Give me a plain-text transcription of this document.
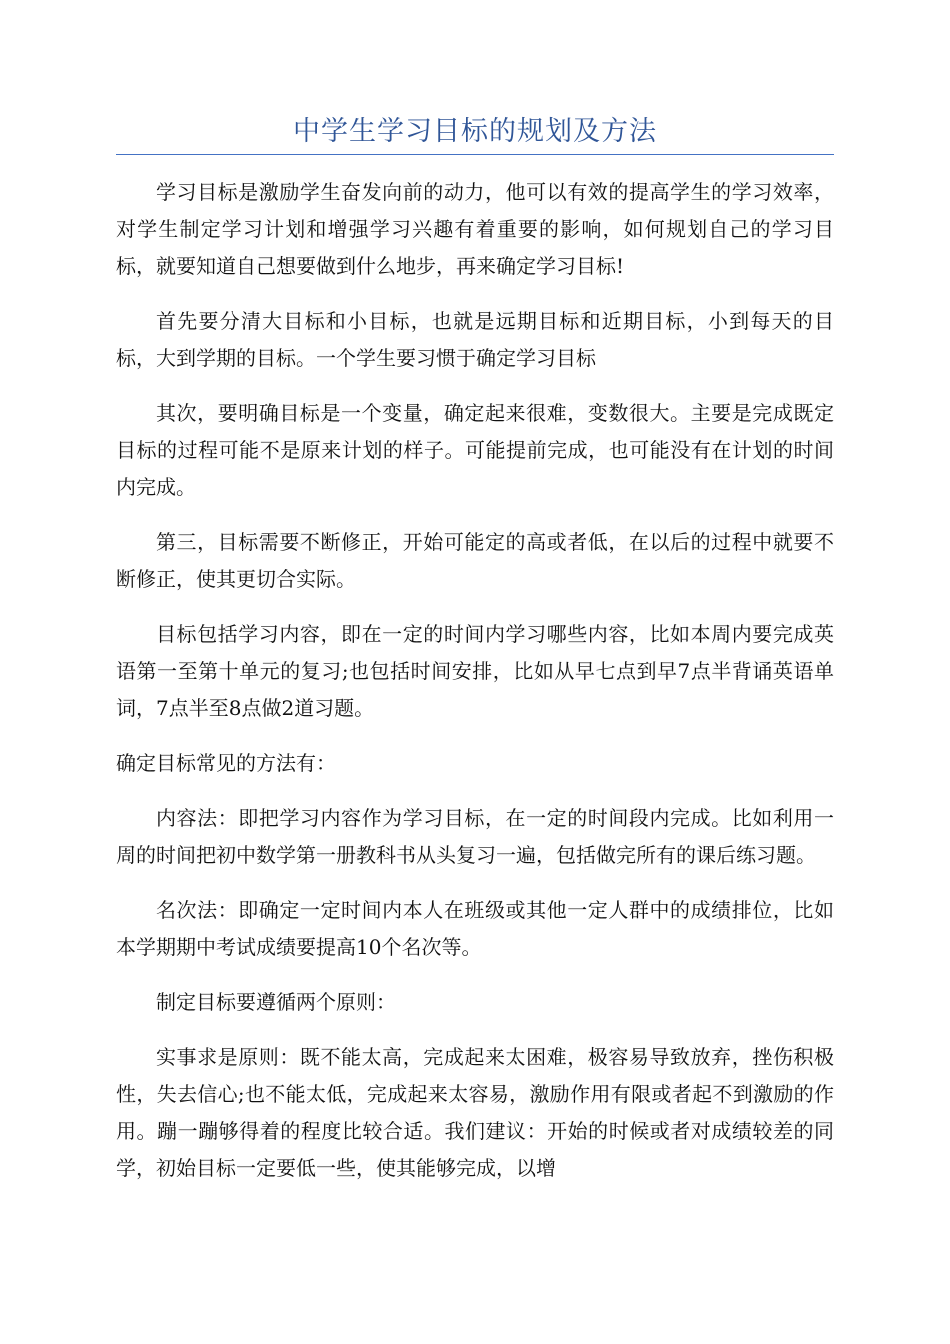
中学生学习目标的规划及方法

学习目标是激励学生奋发向前的动力，他可以有效的提高学生的学习效率，对学生制定学习计划和增强学习兴趣有着重要的影响，如何规划自己的学习目标，就要知道自己想要做到什么地步，再来确定学习目标!

首先要分清大目标和小目标，也就是远期目标和近期目标，小到每天的目标，大到学期的目标。一个学生要习惯于确定学习目标

其次，要明确目标是一个变量，确定起来很难，变数很大。主要是完成既定目标的过程可能不是原来计划的样子。可能提前完成，也可能没有在计划的时间内完成。

第三，目标需要不断修正，开始可能定的高或者低，在以后的过程中就要不断修正，使其更切合实际。

目标包括学习内容，即在一定的时间内学习哪些内容，比如本周内要完成英语第一至第十单元的复习;也包括时间安排，比如从早七点到早7点半背诵英语单词，7点半至8点做2道习题。

确定目标常见的方法有：

内容法：即把学习内容作为学习目标，在一定的时间段内完成。比如利用一周的时间把初中数学第一册教科书从头复习一遍，包括做完所有的课后练习题。

名次法：即确定一定时间内本人在班级或其他一定人群中的成绩排位，比如本学期期中考试成绩要提高10个名次等。

制定目标要遵循两个原则：

实事求是原则：既不能太高，完成起来太困难，极容易导致放弃，挫伤积极性，失去信心;也不能太低，完成起来太容易，激励作用有限或者起不到激励的作用。蹦一蹦够得着的程度比较合适。我们建议：开始的时候或者对成绩较差的同学，初始目标一定要低一些，使其能够完成，以增
